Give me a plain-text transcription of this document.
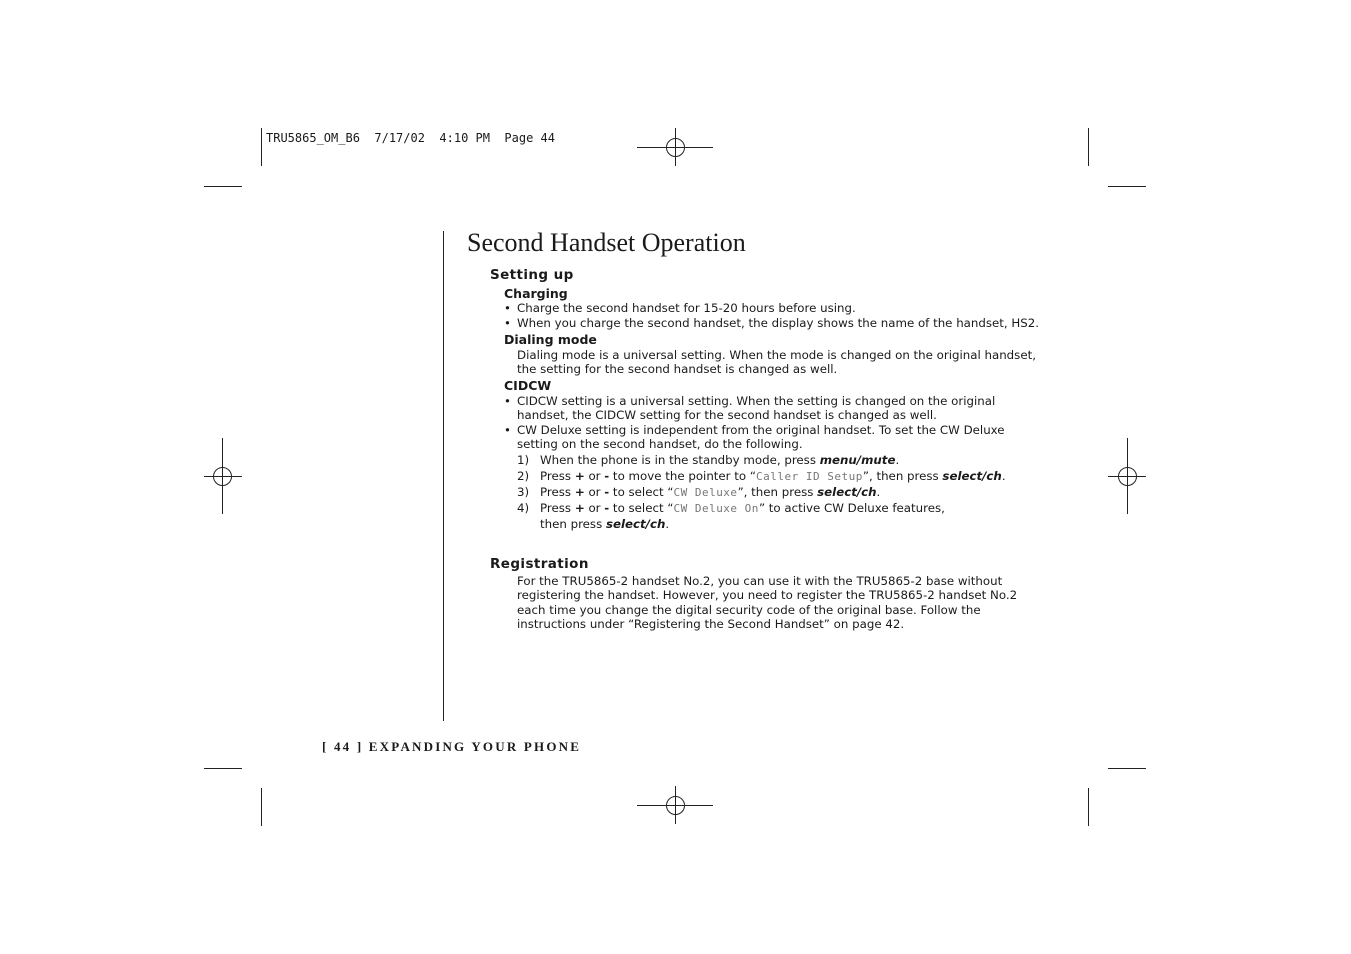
TRU5865_OM_B6  7/17/02  4:10 PM  Page 44
Second Handset Operation
Setting up
Charging
• Charge the second handset for 15-20 hours before using.
• When you charge the second handset, the display shows the name of the handset, HS2.
Dialing mode
Dialing mode is a universal setting. When the mode is changed on the original handset,
the setting for the second handset is changed as well.
CIDCW
• CIDCW setting is a universal setting. When the setting is changed on the original
handset, the CIDCW setting for the second handset is changed as well.
• CW Deluxe setting is independent from the original handset. To set the CW Deluxe
setting on the second handset, do the following.
1) When the phone is in the standby mode, press menu/mute.
2) Press + or - to move the pointer to “Caller ID Setup”, then press select/ch.
3) Press + or - to select “CW Deluxe”, then press select/ch.
4) Press + or - to select “CW Deluxe On” to active CW Deluxe features,
then press select/ch.
Registration
For the TRU5865-2 handset No.2, you can use it with the TRU5865-2 base without
registering the handset. However, you need to register the TRU5865-2 handset No.2
each time you change the digital security code of the original base. Follow the
instructions under “Registering the Second Handset” on page 42.
[ 44 ] EXPANDING YOUR PHONE
